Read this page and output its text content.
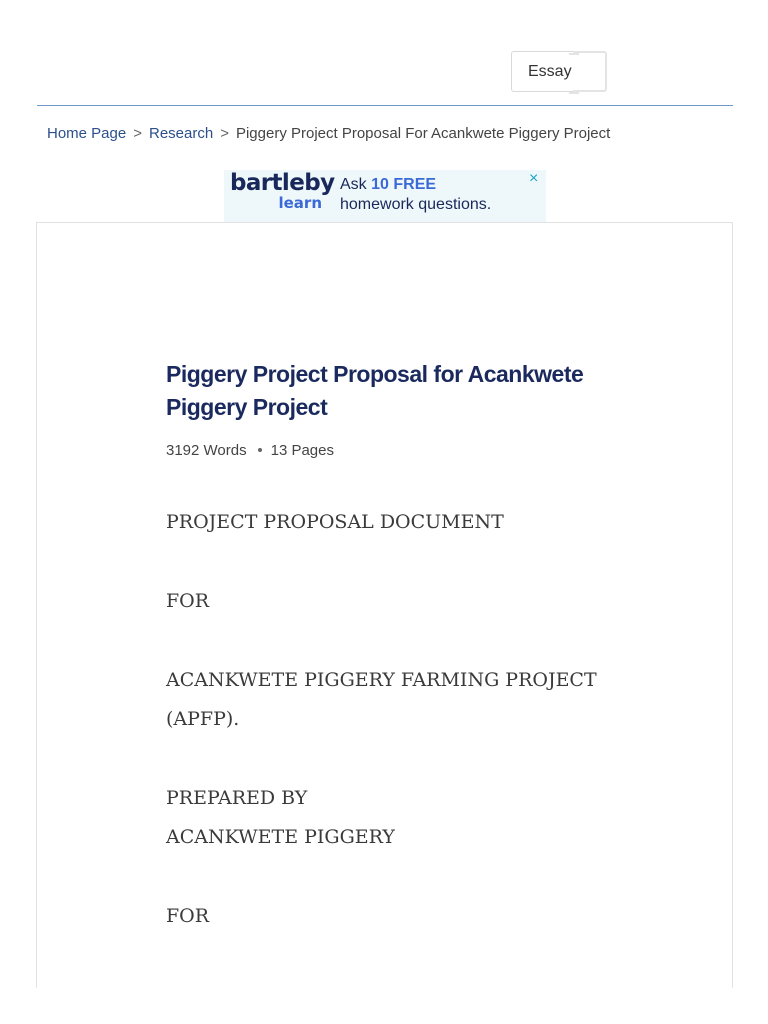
Essay
Home Page > Research > Piggery Project Proposal For Acankwete Piggery Project
bartleby
learn
Ask 10 FREE
homework questions.
×
Piggery Project Proposal for Acankwete Piggery Project
3192 Words 13 Pages

PROJECT PROPOSAL DOCUMENT

FOR

ACANKWETE PIGGERY FARMING PROJECT (APFP).

PREPARED BY

ACANKWETE PIGGERY

FOR
